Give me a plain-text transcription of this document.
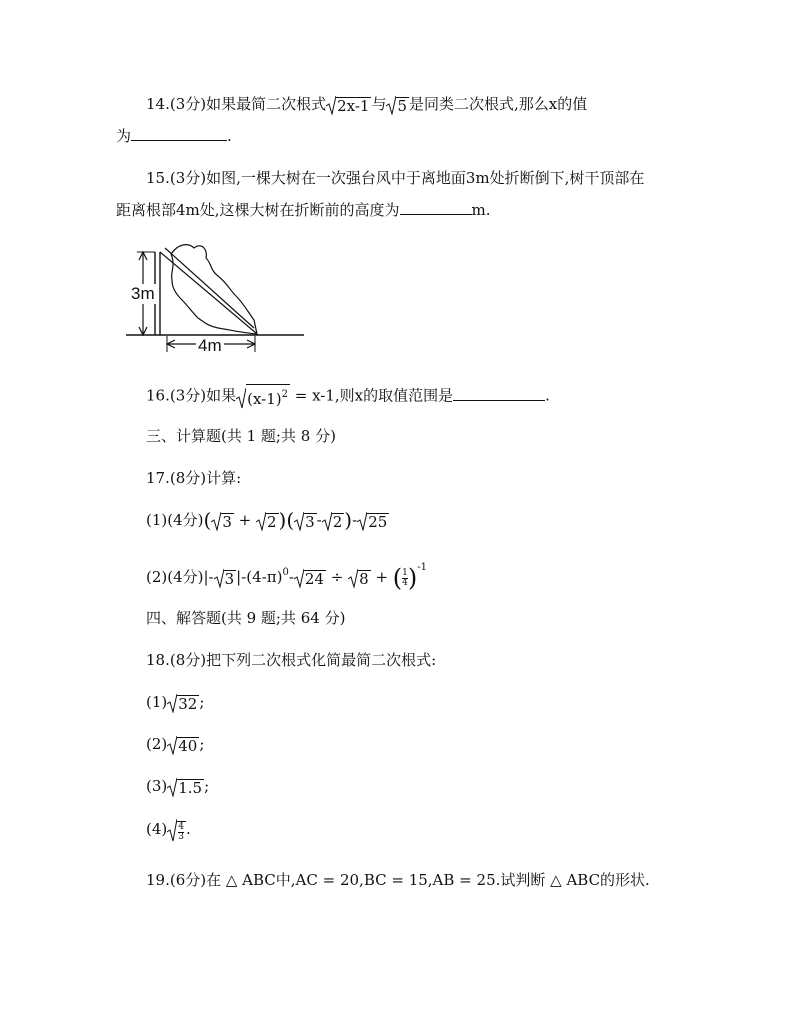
14.(3分)如果最简二次根式 2x-1 与 5 是同类二次根式,那么x的值
为	.
15.(3分)如图,一棵大树在一次强台风中于离地面3m处折断倒下,树干顶部在
距离根部4m处,这棵大树在折断前的高度为	m.
3m
4m
16.(3分)如果 $(x-1)^2 = x-1$,则x的取值范围是	.
三、计算题(共 1 题;共 8 分)
17.(8分)计算:
(1)(4分)( 3 + 2 )( 3 - 2 )- 25
(2)(4分)|- 3 $|-(4-\pi)^0-$ 24 ÷ 8 + ( $\frac{1}{4} )^{-1}$
四、解答题(共 9 题;共 64 分)
18.(8分)把下列二次根式化简最简二次根式:
(1) 32 ;
(2) 40 ;
(3) 1.5 ;
$(4) \frac{4}{3}$ .
19.(6分)在 △ ABC中,AC = 20,BC = 15,AB = 25.试判断 △ ABC的形状.
